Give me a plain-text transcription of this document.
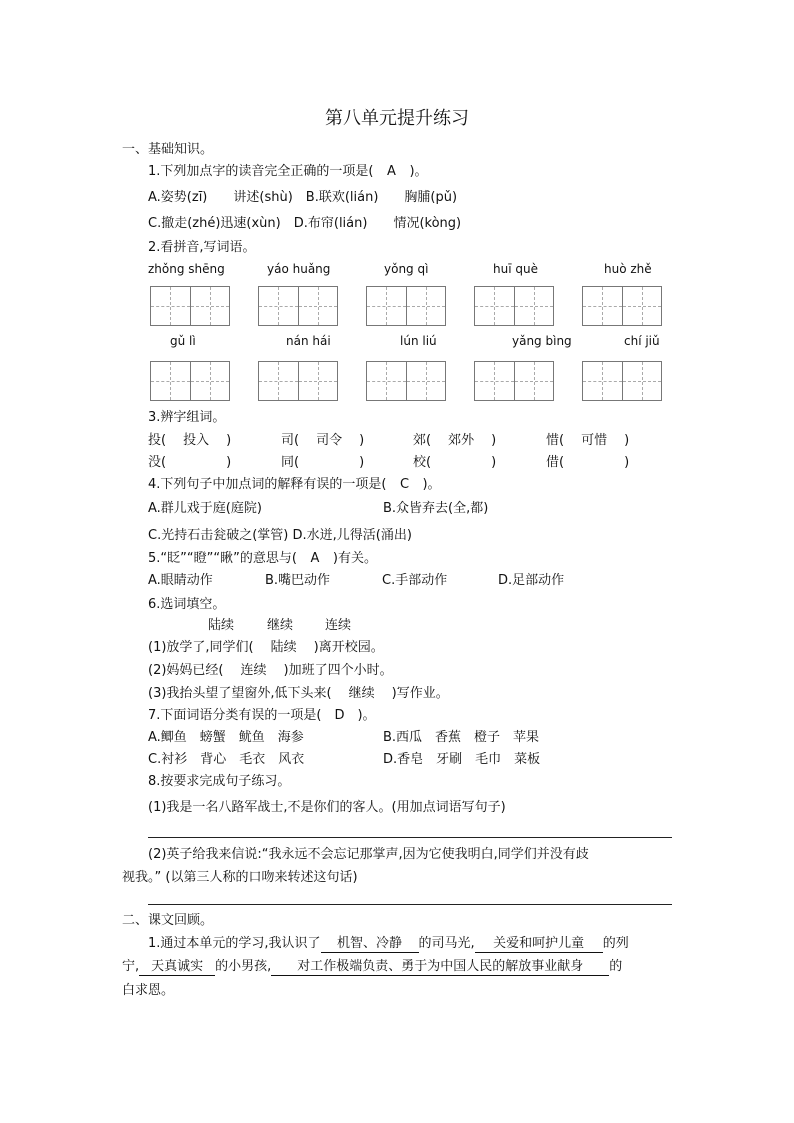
第八单元提升练习
一、基础知识。
1.下列加点字的读音完全正确的一项是( A )。
A.姿势(zī)　　讲述(shù)　B.联欢(lián)　　胸脯(pǔ)
C.撤走(zhé)迅速(xùn)　D.布帘(lián)　　情况(kòng)
2.看拼音,写词语。
zhǒng shēng	yáo huǎng	yǒng qì	huī què	huò zhě
gǔ lì	nán hái	lún liú	yǎng bìng	chí jiǔ
3.辨字组词。
投( 投入 )	司( 司令 )	郊( 郊外 )	惜( 可惜 )
没(	)	同(	)	校(	)	借(	)
4.下列句子中加点词的解释有误的一项是( C )。
A.群儿戏于庭(庭院)	B.众皆弃去(全,都)
C.光持石击瓮破之(掌管) D.水迸,儿得活(涌出)
5.“眨”“瞪”“瞅”的意思与( A )有关。
A.眼睛动作	B.嘴巴动作	C.手部动作	D.足部动作
6.选词填空。
陆续	继续 连续
(1)放学了,同学们( 陆续 )离开校园。
(2)妈妈已经( 连续 )加班了四个小时。
(3)我抬头望了望窗外,低下头来( 继续 )写作业。
7.下面词语分类有误的一项是( D )。
A.鲫鱼　螃蟹　鱿鱼　海参	B.西瓜　香蕉　橙子　苹果
C.衬衫　背心　毛衣　风衣	D.香皂　牙刷　毛巾　菜板
8.按要求完成句子练习。
(1)我是一名八路军战士,不是你们的客人。(用加点词语写句子)
(2)英子给我来信说:“我永远不会忘记那掌声,因为它使我明白,同学们并没有歧
视我。” (以第三人称的口吻来转述这句话)
二、课文回顾。
1.通过本单元的学习,我认识了 机智、冷静 的司马光, 关爱和呵护儿童 的列
宁, 天真诚实 的小男孩, 对工作极端负责、勇于为中国人民的解放事业献身 的
白求恩。
